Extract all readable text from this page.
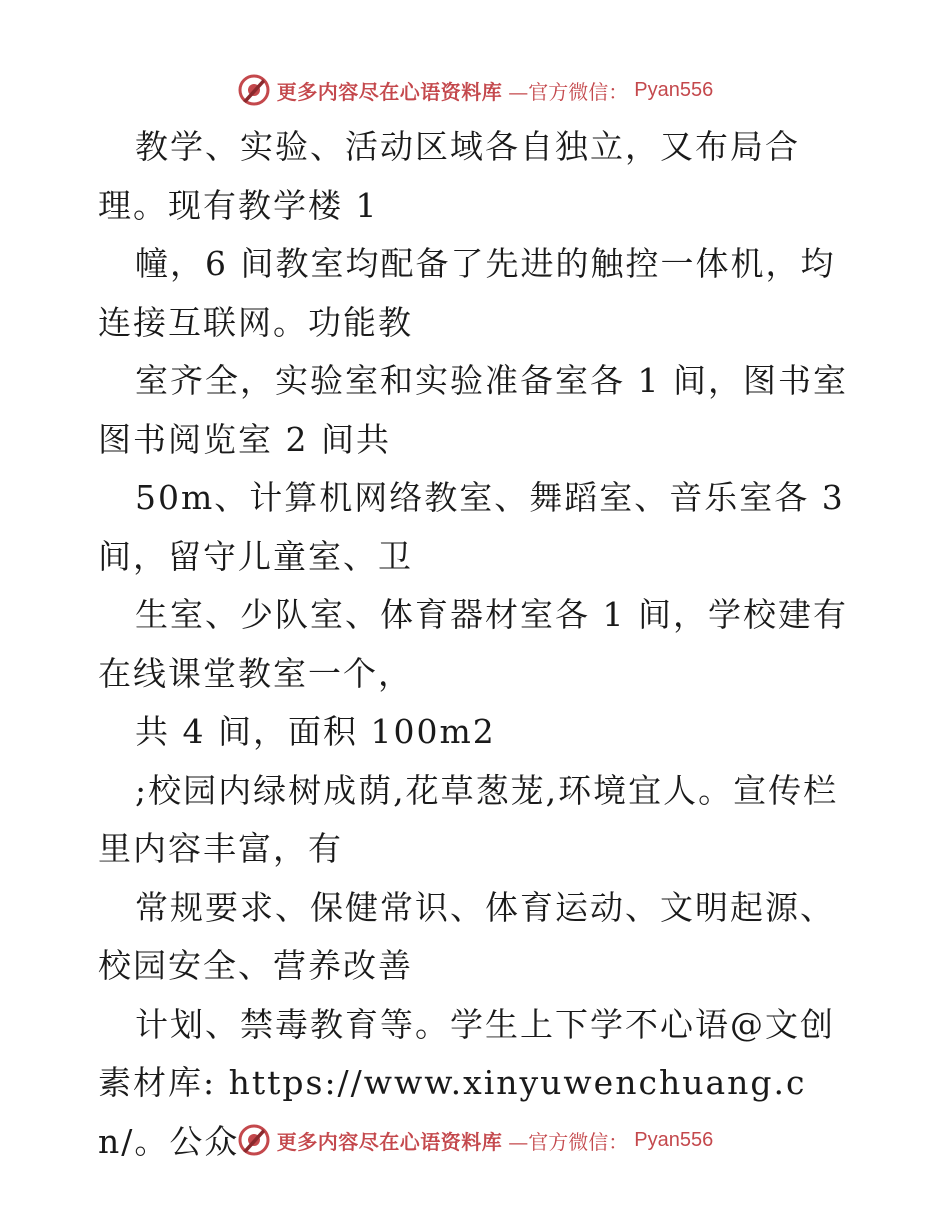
更多内容尽在心语资料库 —官方微信： Pyan556

教学、实验、活动区域各自独立，又布局合理。现有教学楼 1

幢，6 间教室均配备了先进的触控一体机，均连接互联网。功能教

室齐全，实验室和实验准备室各 1 间，图书室图书阅览室 2 间共

50m、计算机网络教室、舞蹈室、音乐室各 3 间，留守儿童室、卫

生室、少队室、体育器材室各 1 间，学校建有在线课堂教室一个，

共 4 间，面积 100m2

;校园内绿树成荫,花草葱茏,环境宜人。宣传栏里内容丰富，有

常规要求、保健常识、体育运动、文明起源、校园安全、营养改善

计划、禁毒教育等。学生上下学不心语@文创素材库: https://www.xinyuwenchuang.cn/。公众	更多内容尽在心语资料库 —官方微信： Pyan556
